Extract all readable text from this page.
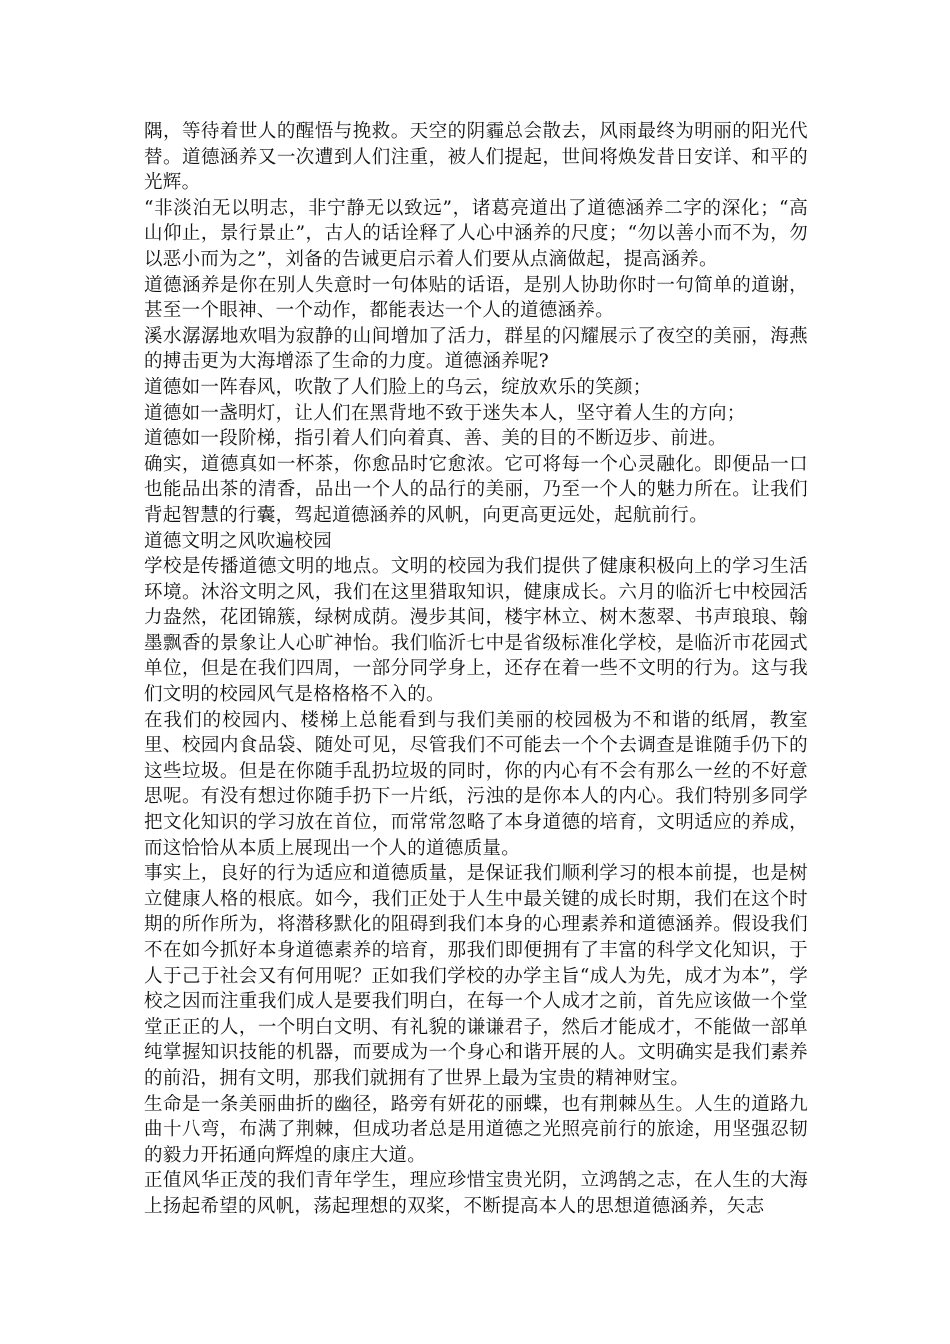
隅，等待着世人的醒悟与挽救。天空的阴霾总会散去，风雨最终为明丽的阳光代替。道德涵养又一次遭到人们注重，被人们提起，世间将焕发昔日安详、和平的光辉。

“非淡泊无以明志，非宁静无以致远”，诸葛亮道出了道德涵养二字的深化；“高山仰止，景行景止”，古人的话诠释了人心中涵养的尺度；“勿以善小而不为，勿以恶小而为之”，刘备的告诫更启示着人们要从点滴做起，提高涵养。

道德涵养是你在别人失意时一句体贴的话语，是别人协助你时一句简单的道谢，甚至一个眼神、一个动作，都能表达一个人的道德涵养。

溪水潺潺地欢唱为寂静的山间增加了活力，群星的闪耀展示了夜空的美丽，海燕的搏击更为大海增添了生命的力度。道德涵养呢?

道德如一阵春风，吹散了人们脸上的乌云，绽放欢乐的笑颜；

道德如一盏明灯，让人们在黑背地不致于迷失本人，坚守着人生的方向；

道德如一段阶梯，指引着人们向着真、善、美的目的不断迈步、前进。

确实，道德真如一杯茶，你愈品时它愈浓。它可将每一个心灵融化。即便品一口也能品出茶的清香，品出一个人的品行的美丽，乃至一个人的魅力所在。让我们背起智慧的行囊，驾起道德涵养的风帆，向更高更远处，起航前行。

道德文明之风吹遍校园

学校是传播道德文明的地点。文明的校园为我们提供了健康积极向上的学习生活环境。沐浴文明之风，我们在这里猎取知识，健康成长。六月的临沂七中校园活力盎然，花团锦簇，绿树成荫。漫步其间，楼宇林立、树木葱翠、书声琅琅、翰墨飘香的景象让人心旷神怡。我们临沂七中是省级标准化学校，是临沂市花园式单位，但是在我们四周，一部分同学身上，还存在着一些不文明的行为。这与我们文明的校园风气是格格格不入的。

在我们的校园内、楼梯上总能看到与我们美丽的校园极为不和谐的纸屑，教室里、校园内食品袋、随处可见，尽管我们不可能去一个个去调查是谁随手仍下的这些垃圾。但是在你随手乱扔垃圾的同时，你的内心有不会有那么一丝的不好意思呢。有没有想过你随手扔下一片纸，污浊的是你本人的内心。我们特别多同学把文化知识的学习放在首位，而常常忽略了本身道德的培育，文明适应的养成，而这恰恰从本质上展现出一个人的道德质量。

事实上，良好的行为适应和道德质量，是保证我们顺利学习的根本前提，也是树立健康人格的根底。如今，我们正处于人生中最关键的成长时期，我们在这个时期的所作所为，将潜移默化的阻碍到我们本身的心理素养和道德涵养。假设我们不在如今抓好本身道德素养的培育，那我们即便拥有了丰富的科学文化知识，于人于己于社会又有何用呢？正如我们学校的办学主旨“成人为先，成才为本”，学校之因而注重我们成人是要我们明白，在每一个人成才之前，首先应该做一个堂堂正正的人，一个明白文明、有礼貌的谦谦君子，然后才能成才，不能做一部单纯掌握知识技能的机器，而要成为一个身心和谐开展的人。文明确实是我们素养的前沿，拥有文明，那我们就拥有了世界上最为宝贵的精神财宝。

生命是一条美丽曲折的幽径，路旁有妍花的丽蝶，也有荆棘丛生。人生的道路九曲十八弯，布满了荆棘，但成功者总是用道德之光照亮前行的旅途，用坚强忍韧的毅力开拓通向辉煌的康庄大道。

正值风华正茂的我们青年学生，理应珍惜宝贵光阴，立鸿鹄之志，在人生的大海上扬起希望的风帆，荡起理想的双桨，不断提高本人的思想道德涵养，矢志
